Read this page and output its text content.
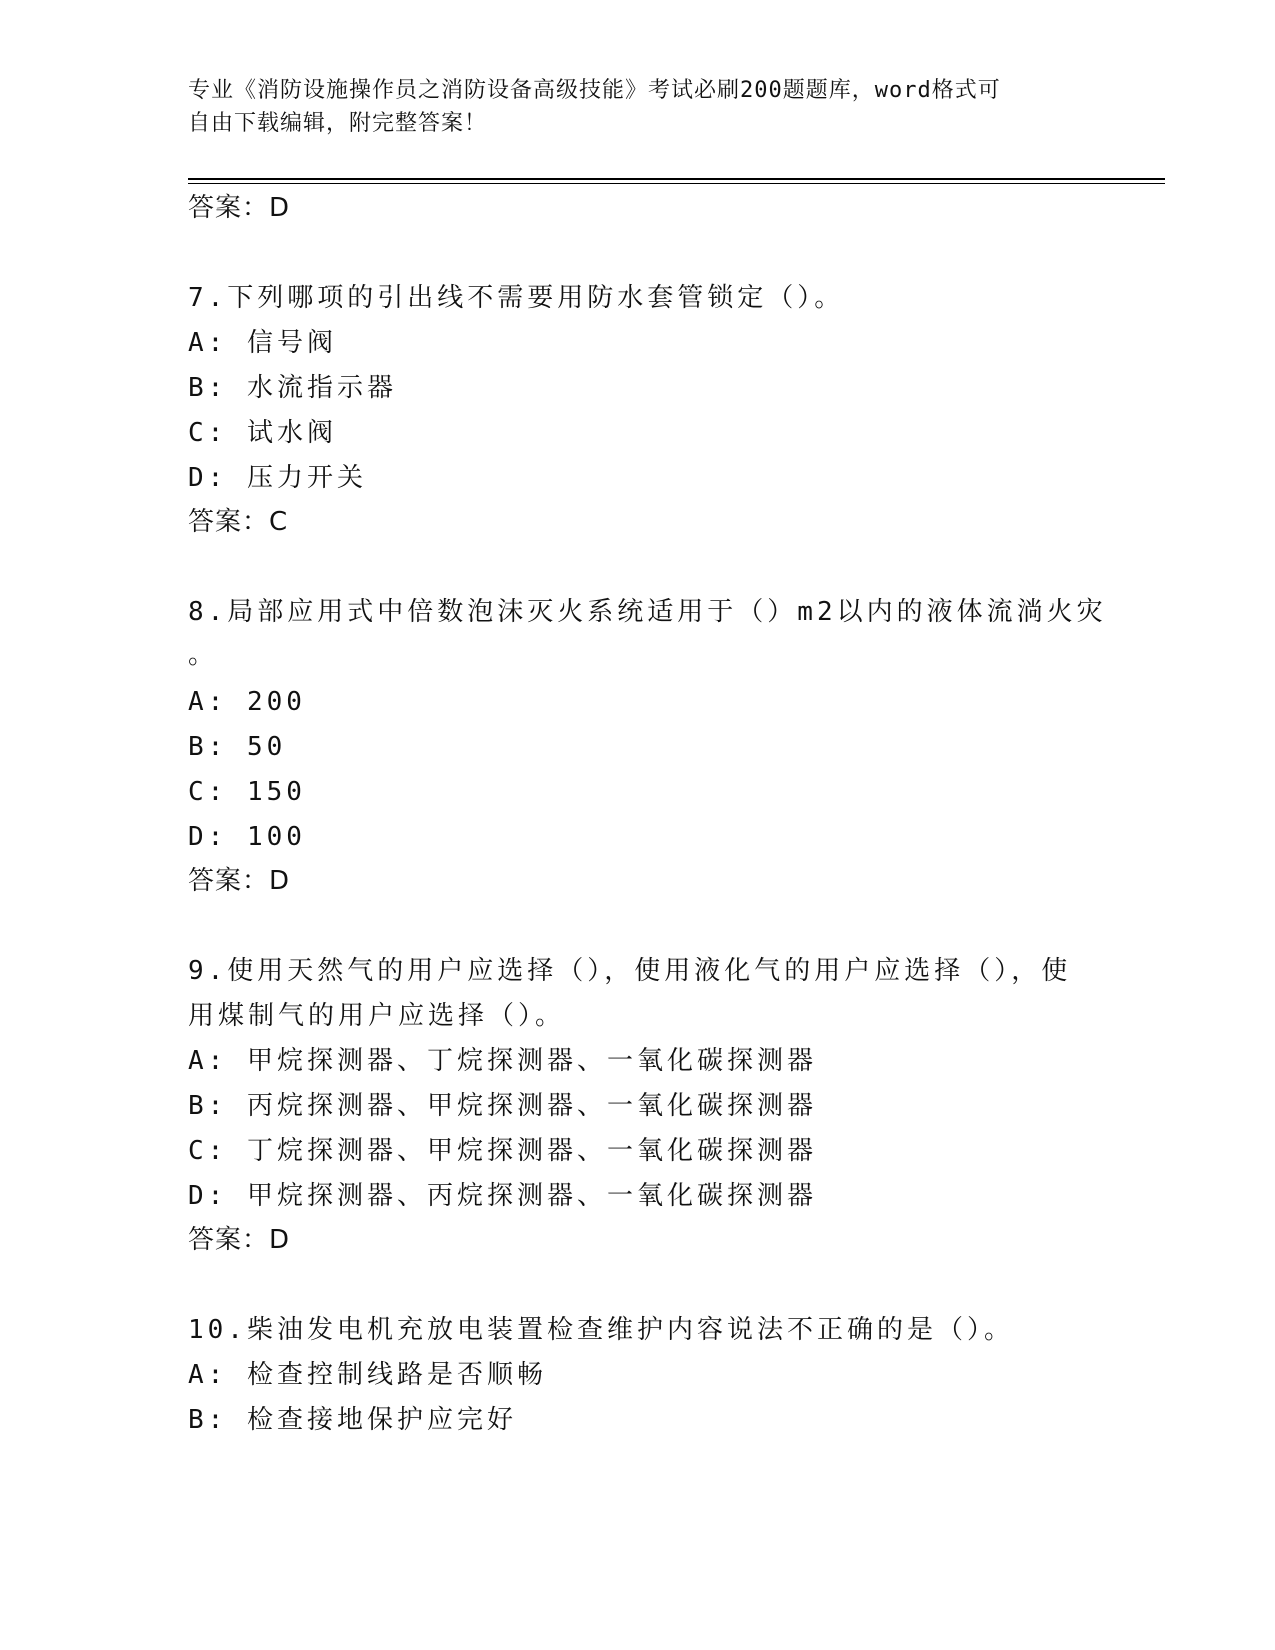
专业《消防设施操作员之消防设备高级技能》考试必刷200题题库，word格式可
自由下载编辑，附完整答案！
答案：D
7.下列哪项的引出线不需要用防水套管锁定（）。
A: 信号阀
B: 水流指示器
C: 试水阀
D: 压力开关
答案：C
8.局部应用式中倍数泡沫灭火系统适用于（）m2以内的液体流淌火灾
。
A: 200
B: 50
C: 150
D: 100
答案：D
9.使用天然气的用户应选择（），使用液化气的用户应选择（），使
用煤制气的用户应选择（）。
A: 甲烷探测器、丁烷探测器、一氧化碳探测器
B: 丙烷探测器、甲烷探测器、一氧化碳探测器
C: 丁烷探测器、甲烷探测器、一氧化碳探测器
D: 甲烷探测器、丙烷探测器、一氧化碳探测器
答案：D
10.柴油发电机充放电装置检查维护内容说法不正确的是（）。
A: 检查控制线路是否顺畅
B: 检查接地保护应完好
